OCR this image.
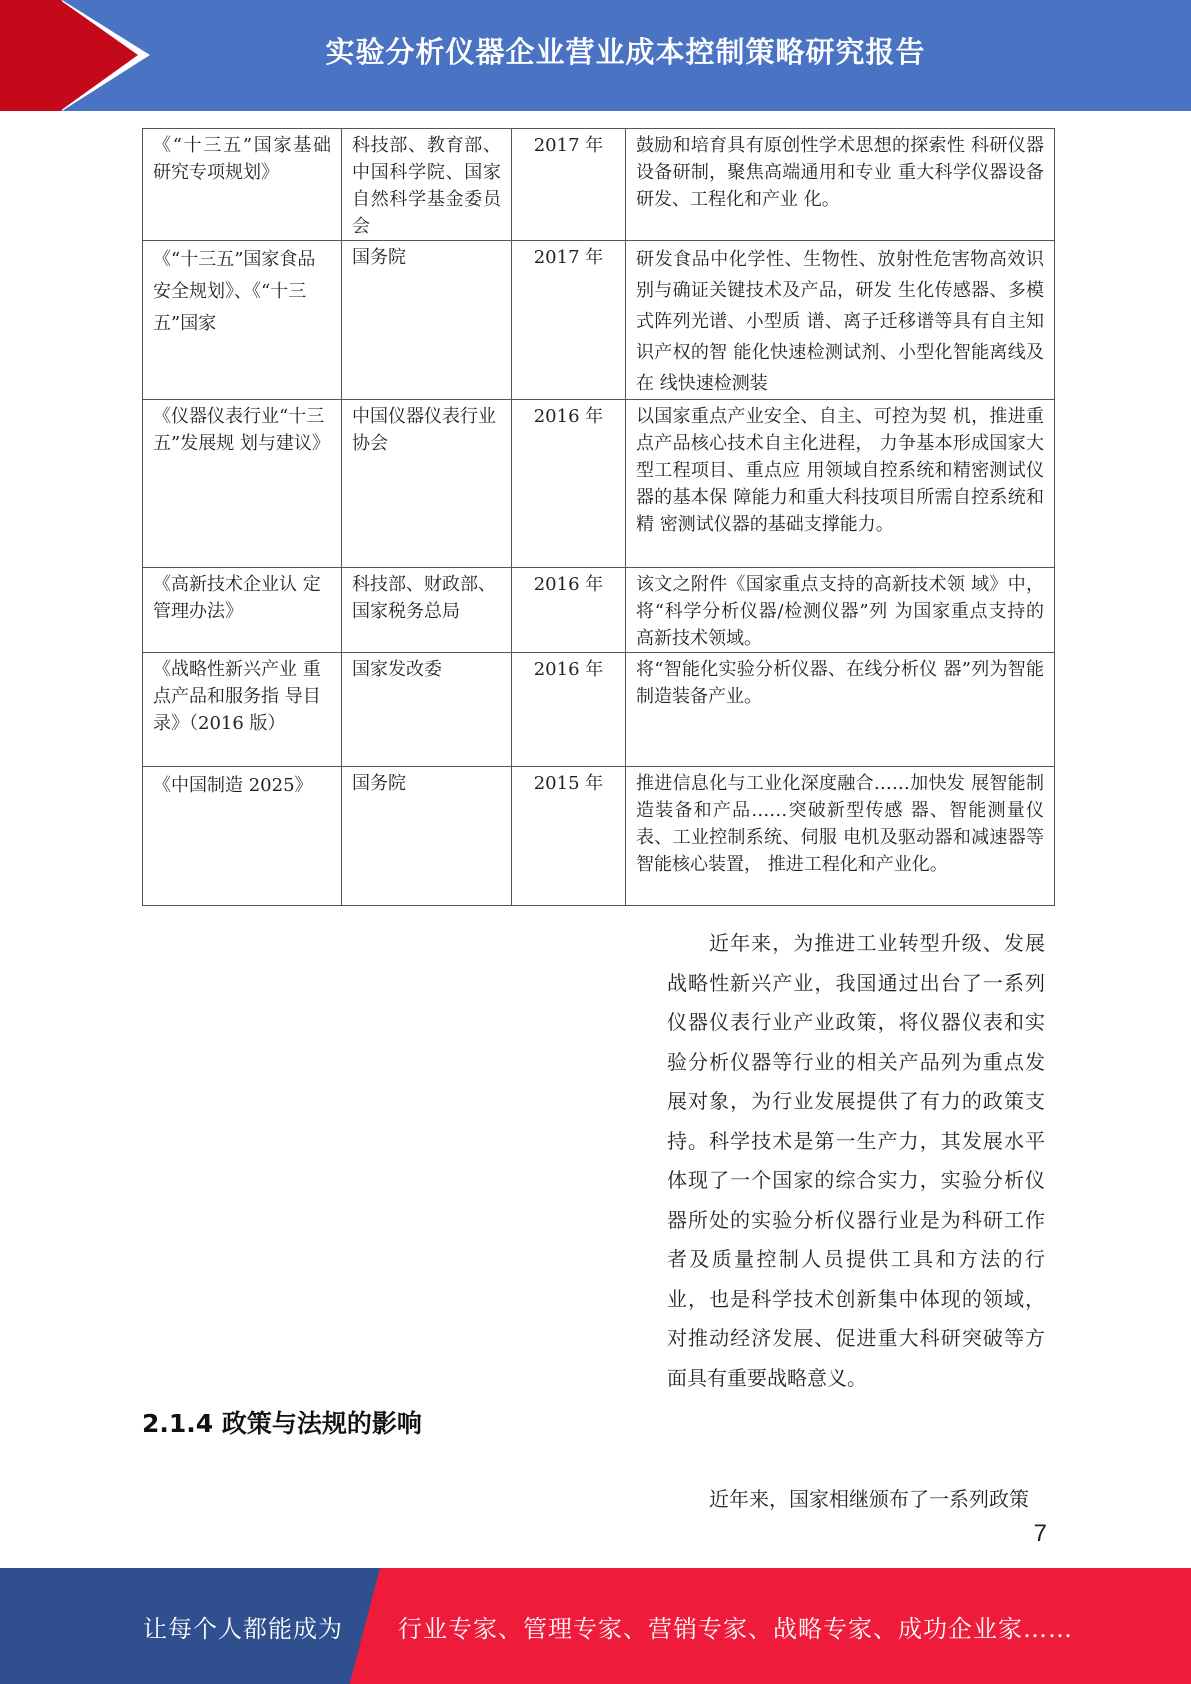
实验分析仪器企业营业成本控制策略研究报告
《“十三五”国家基础研究专项规划》	科技部、教育部、中国科学院、国家自然科学基金委员会	2017 年	鼓励和培育具有原创性学术思想的探索性 科研仪器设备研制，聚焦高端通用和专业 重大科学仪器设备研发、工程化和产业 化。

《“十三五”国家食品安全规划》、《“十三五”国家	国务院	2017 年	研发食品中化学性、生物性、放射性危害物高效识别与确证关键技术及产品，研发 生化传感器、多模式阵列光谱、小型质 谱、离子迁移谱等具有自主知识产权的智 能化快速检测试剂、小型化智能离线及在 线快速检测装

《仪器仪表行业“十三五”发展规 划与建议》	中国仪器仪表行业协会	2016 年	以国家重点产业安全、自主、可控为契 机，推进重点产品核心技术自主化进程， 力争基本形成国家大型工程项目、重点应 用领域自控系统和精密测试仪器的基本保 障能力和重大科技项目所需自控系统和精 密测试仪器的基础支撑能力。

《高新技术企业认 定管理办法》	科技部、财政部、国家税务总局	2016 年	该文之附件《国家重点支持的高新技术领 域》中，将“科学分析仪器/检测仪器”列 为国家重点支持的高新技术领域。

《战略性新兴产业 重点产品和服务指 导目录》（2016 版）	国家发改委	2016 年	将“智能化实验分析仪器、在线分析仪 器”列为智能制造装备产业。

《中国制造 2025》	国务院	2015 年	推进信息化与工业化深度融合……加快发 展智能制造装备和产品……突破新型传感 器、智能测量仪表、工业控制系统、伺服 电机及驱动器和减速器等智能核心装置， 推进工程化和产业化。
近年来，为推进工业转型升级、发展战略性新兴产业，我国通过出台了一系列仪器仪表行业产业政策，将仪器仪表和实验分析仪器等行业的相关产品列为重点发展对象，为行业发展提供了有力的政策支持。科学技术是第一生产力，其发展水平体现了一个国家的综合实力，实验分析仪器所处的实验分析仪器行业是为科研工作者及质量控制人员提供工具和方法的行业，也是科学技术创新集中体现的领域，对推动经济发展、促进重大科研突破等方面具有重要战略意义。
2.1.4 政策与法规的影响
近年来，国家相继颁布了一系列政策
7
让每个人都能成为 行业专家、管理专家、营销专家、战略专家、成功企业家……
